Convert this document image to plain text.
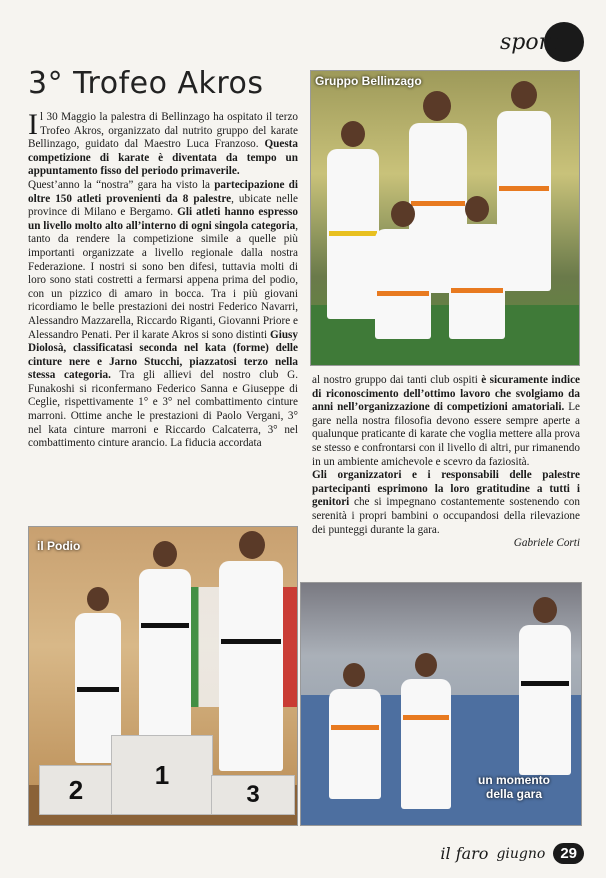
sport
3° Trofeo Akros

Il 30 Maggio la palestra di Bellinzago ha ospitato il terzo Trofeo Akros, organizzato dal nutrito gruppo del karate Bellinzago, guidato dal Maestro Luca Franzoso. Questa competizione di karate è diventata da tempo un appuntamento fisso del periodo primaverile.

Quest’anno la “nostra” gara ha visto la partecipazione di oltre 150 atleti provenienti da 8 palestre, ubicate nelle province di Milano e Bergamo. Gli atleti hanno espresso un livello molto alto all’interno di ogni singola categoria, tanto da rendere la competizione simile a quelle più importanti organizzate a livello regionale dalla nostra Federazione. I nostri si sono ben difesi, tuttavia molti di loro sono stati costretti a fermarsi appena prima del podio, con un pizzico di amaro in bocca. Tra i più giovani ricordiamo le belle prestazioni dei nostri Federico Navarri, Alessandro Mazzarella, Riccardo Riganti, Giovanni Priore e Alessandro Penati. Per il karate Akros si sono distinti Giusy Diolosà, classificatasi seconda nel kata (forme) delle cinture nere e Jarno Stucchi, piazzatosi terzo nella stessa categoria. Tra gli allievi del nostro club G. Funakoshi si riconfermano Federico Sanna e Giuseppe di Ceglie, rispettivamente 1° e 3° nel combattimento cinture marroni. Ottime anche le prestazioni di Paolo Vergani, 3° nel kata cinture marroni e Riccardo Calcaterra, 3° nel combattimento cinture arancio. La fiducia accordata

al nostro gruppo dai tanti club ospiti è sicuramente indice di riconoscimento dell’ottimo lavoro che svolgiamo da anni nell’organizzazione di competizioni amatoriali. Le gare nella nostra filosofia devono essere sempre aperte a qualunque praticante di karate che voglia mettere alla prova se stesso e confrontarsi con il livello di altri, pur rimanendo in un ambiente amichevole e scevro da faziosità.

Gli organizzatori e i responsabili delle palestre partecipanti esprimono la loro gratitudine a tutti i genitori che si impegnano costantemente sostenendo con serenità i propri bambini o occupandosi della rilevazione dei punteggi durante la gara.

Gabriele Corti

Gruppo Bellinzago
2	1
3
il Podio
un momento
della gara
il faro giugno	29
